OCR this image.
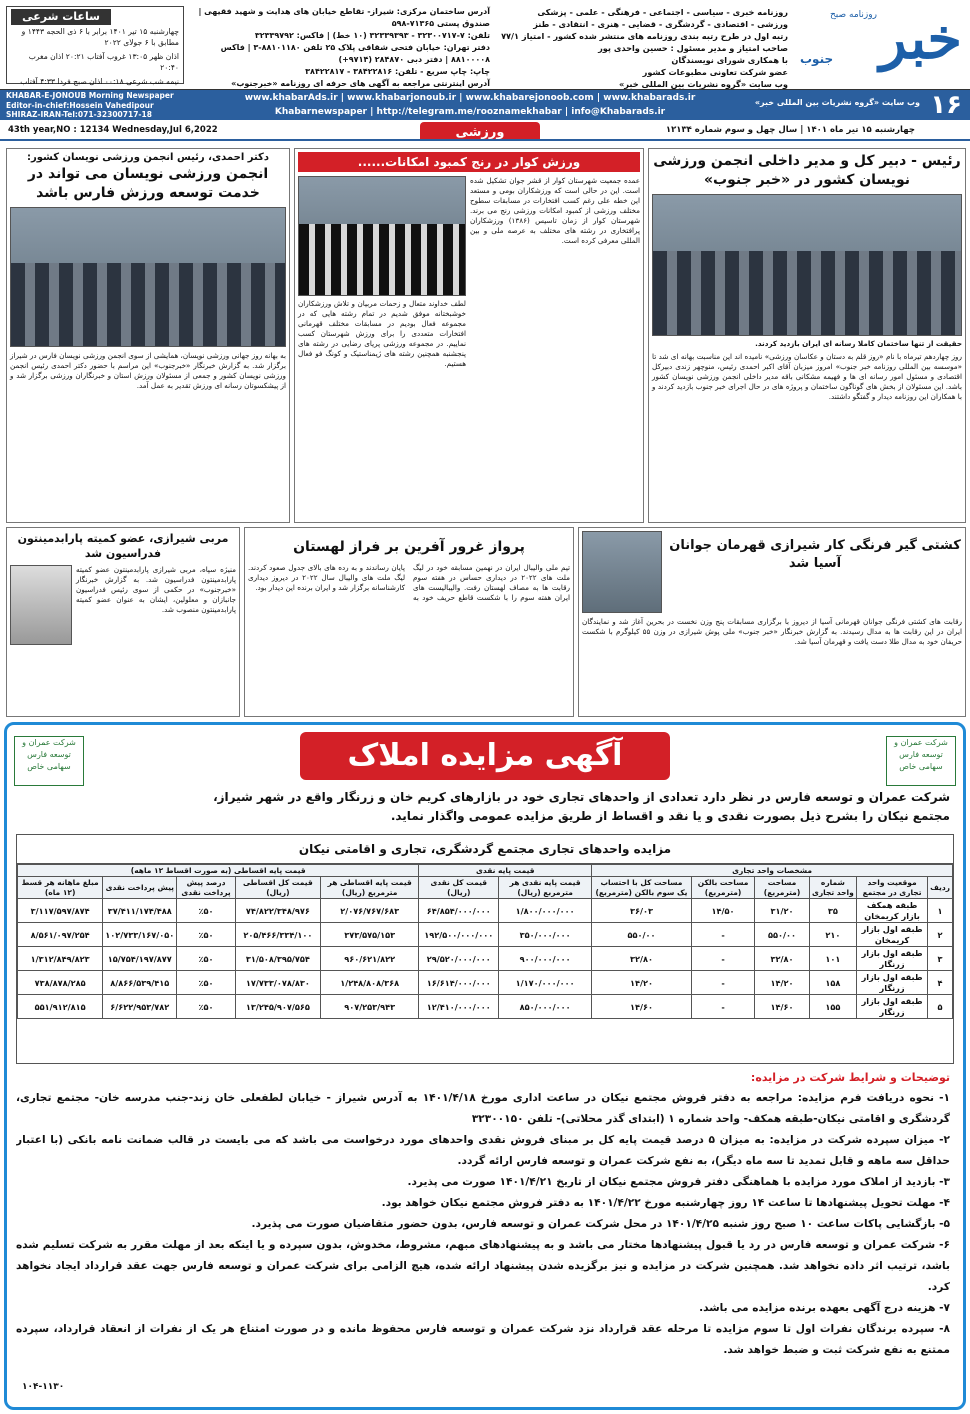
خبر
جنوب
روزنامه صبح
روزنامه خبری - سیاسی - اجتماعی - فرهنگی - علمی - پزشکی
ورزشی - اقتصادی - گردشگری - قضایی - هنری - انتقادی - طنز
رتبه اول در طرح رتبه بندی روزنامه های منتشر شده کشور - امتیاز ۷۷/۱
صاحب امتیاز و مدیر مسئول : حسین واحدی پور
با همکاری شورای نویسندگان
عضو شرکت تعاونی مطبوعات کشور
وب سایت «گروه نشریات بین المللی خبر»
آدرس ساختمان مرکزی: شیراز- تقاطع خیابان های هدایت و شهید فقیهی | صندوق پستی ۷۱۳۶۵-۵۹۸
تلفن: ۷-۳۲۳۰۰۷۱۷ - ۳۲۳۳۹۳۹۳ (۱۰ خط) | فاکس: ۳۲۳۳۹۷۹۲
دفتر تهران: خیابان فتحی شقاقی پلاک ۲۵ تلفن ۸۸۱۰۱۱۸۰-۳ | فاکس ۸۸۱۰۰۰۰۸ | دفتر دبی ۲۸۴۸۷۰ (۹۷۱۴+)
چاپ: چاپ سریع - تلفن: ۳۸۴۲۲۸۱۶ - ۳۸۴۲۲۸۱۷
آدرس اینترنتی مراجعه به آگهی های حرفه ای روزنامه «خبرجنوب»
ساعات شرعی
چهارشنبه ۱۵ تیر ۱۴۰۱ برابر با ۶ ذی الحجه ۱۴۴۳ و مطابق با ۶ جولای ۲۰۲۲
اذان ظهر ۱۳:۰۵ غروب آفتاب ۲۰:۲۱ اذان مغرب ۲۰:۴۰
نیمه شب شرعی ۰۰:۱۸ اذان صبح فردا ۴:۳۳ آفتاب
۱۶
وب سایت «گروه نشریات بین المللی خبر»
www.khabarAds.ir | www.khabarjonoub.ir | www.khabarejonoob.com | www.khabarads.ir
Khabarnewspaper | http://telegram.me/rooznamekhabar | info@Khabarads.ir
KHABAR-E-JONOUB Morning Newspaper
Editor-in-chief:Hossein Vahedipour
SHIRAZ-IRAN-Tel:071-32300717-18
چهارشنبه ۱۵ تیر ماه ۱۴۰۱ | سال چهل و سوم شماره ۱۲۱۳۴
ورزشی
43th year,NO : 12134 Wednesday,Jul 6,2022
رئیس - دبیر کل و مدیر داخلی انجمن ورزشی نویسان کشور در «خبر جنوب»
حقیقت از تنها ساختمان کاملا رسانه ای ایران بازدید کردند.
روز چهاردهم تیرماه با نام «روز قلم به دستان و عکاسان ورزشی» نامیده اند این مناسبت بهانه ای شد تا «موسسه بین المللی روزنامه خبر جنوب» امروز میزبان آقای اکبر احمدی رئیس، منوچهر زندی دبیرکل اقتصادی و مسئول امور رسانه ای ها و فهیمه مشکانی باقه مدیر داخلی انجمن ورزشی نویسان کشور باشد. این مسئولان از بخش های گوناگون ساختمان و پروژه های در حال اجرای خبر جنوب بازدید کردند و با همکاران این روزنامه دیدار و گفتگو داشتند.
ورزش کوار در رنج کمبود امکانات......
عمده جمعیت شهرستان کوار از قشر جوان تشکیل شده است. این در حالی است که ورزشکاران بومی و مستعد این خطه علی رغم کسب افتخارات در مسابقات سطوح مختلف ورزشی از کمبود امکانات ورزشی رنج می برند. شهرستان کوار از زمان تاسیس (۱۳۸۶) ورزشکاران پرافتخاری در رشته های مختلف به عرصه ملی و بین المللی معرفی کرده است.
لطف خداوند متعال و زحمات مربیان و تلاش ورزشکاران خوشبختانه موفق شدیم در تمام رشته هایی که در مجموعه فعال بودیم در مسابقات مختلف قهرمانی افتخارات متعددی را برای ورزش شهرستان کسب نماییم. در مجموعه ورزشی پریای رضایی در رشته های پنجشنبه همچنین رشته های ژیمناستیک و کونگ فو فعال هستیم.
دکتر احمدی، رئیس انجمن ورزشی نویسان کشور:
انجمن ورزشی نویسان می تواند در خدمت توسعه ورزش فارس باشد
به بهانه روز جهانی ورزشی نویسان، همایشی از سوی انجمن ورزشی نویسان فارس در شیراز برگزار شد. به گزارش خبرنگار «خبرجنوب» این مراسم با حضور دکتر احمدی رئیس انجمن ورزشی نویسان کشور و جمعی از مسئولان ورزش استان و خبرنگاران ورزشی برگزار شد و از پیشکسوتان رسانه ای ورزش تقدیر به عمل آمد.
کشتی گیر فرنگی کار شیرازی قهرمان جوانان آسیا شد
رقابت های کشتی فرنگی جوانان قهرمانی آسیا از دیروز با برگزاری مسابقات پنج وزن نخست در بحرین آغاز شد و نمایندگان ایران در این رقابت ها به مدال رسیدند. به گزارش خبرنگار «خبر جنوب» ملی پوش شیرازی در وزن ۵۵ کیلوگرم با شکست حریفان خود به مدال طلا دست یافت و قهرمان آسیا شد.
پرواز غرور آفرین بر فراز لهستان
تیم ملی والیبال ایران در نهمین مسابقه خود در لیگ ملت های ۲۰۲۲ در دیداری حساس در هفته سوم رقابت ها به مصاف لهستان رفت. والیبالیست های ایران هفته سوم را با شکست قاطع حریف خود به پایان رساندند و به رده های بالای جدول صعود کردند. لیگ ملت های والیبال سال ۲۰۲۲ در دیروز دیداری کارشناسانه برگزار شد و ایران برنده این دیدار بود.
مربی شیرازی، عضو کمیته پارابدمینتون فدراسیون شد
منیژه سپاه، مربی شیرازی پارابدمینتون عضو کمیته پارابدمینتون فدراسیون شد. به گزارش خبرنگار «خبرجنوب» در حکمی از سوی رئیس فدراسیون جانبازان و معلولین، ایشان به عنوان عضو کمیته پارابدمینتون منصوب شد.
آگهی مزایده املاک	شرکت عمران و توسعه فارس
سهامی خاص
شرکت عمران و توسعه فارس
سهامی خاص
شرکت عمران و توسعه فارس در نظر دارد تعدادی از واحدهای تجاری خود در بازارهای کریم خان و زرنگار واقع در شهر شیراز،
مجتمع نیکان را بشرح ذیل بصورت نقدی و یا نقد و اقساط از طریق مزایده عمومی واگذار نماید.
مزایده واحدهای تجاری مجتمع گردشگری، تجاری و اقامتی نیکان
مشخصات واحد تجاری						قیمت پایه نقدی		قیمت پایه اقساطی (به صورت اقساط ۱۲ ماهه)				
ردیف	موقعیت واحد تجاری در مجتمع	شماره واحد تجاری	مساحت (مترمربع)	مساحت بالکن (مترمربع)	مساحت کل با احتساب یک سوم بالکن (مترمربع)	قیمت پایه نقدی هر مترمربع (ریال)	قیمت کل نقدی (ریال)	قیمت پایه اقساطی هر مترمربع (ریال)	قیمت کل اقساطی (ریال)	درصد پیش پرداخت نقدی	پیش پرداخت نقدی	مبلغ ماهانه هر قسط (۱۲ ماه)
۱	طبقه همکف بازار کریمخان	۳۵	۳۱/۲۰	۱۴/۵۰	۳۶/۰۳	۱/۸۰۰/۰۰۰/۰۰۰	۶۴/۸۵۴/۰۰۰/۰۰۰	۲/۰۷۶/۷۶۷/۶۸۳	۷۴/۸۲۲/۳۴۸/۹۷۶	٪۵۰	۳۷/۴۱۱/۱۷۴/۴۸۸	۳/۱۱۷/۵۹۷/۸۷۴
۲	طبقه اول بازار کریمخان	۲۱۰	۵۵۰/۰۰	-	۵۵۰/۰۰	۳۵۰/۰۰۰/۰۰۰	۱۹۲/۵۰۰/۰۰۰/۰۰۰	۳۷۳/۵۷۵/۱۵۳	۲۰۵/۴۶۶/۳۳۴/۱۰۰	٪۵۰	۱۰۲/۷۳۳/۱۶۷/۰۵۰	۸/۵۶۱/۰۹۷/۲۵۴
۳	طبقه اول بازار زرنگار	۱۰۱	۳۲/۸۰	-	۳۲/۸۰	۹۰۰/۰۰۰/۰۰۰	۲۹/۵۲۰/۰۰۰/۰۰۰	۹۶۰/۶۲۱/۸۲۲	۳۱/۵۰۸/۳۹۵/۷۵۴	٪۵۰	۱۵/۷۵۴/۱۹۷/۸۷۷	۱/۳۱۲/۸۴۹/۸۲۳
۴	طبقه اول بازار زرنگار	۱۵۸	۱۴/۲۰	-	۱۴/۲۰	۱/۱۷۰/۰۰۰/۰۰۰	۱۶/۶۱۴/۰۰۰/۰۰۰	۱/۲۴۸/۸۰۸/۳۶۸	۱۷/۷۳۳/۰۷۸/۸۳۰	٪۵۰	۸/۸۶۶/۵۳۹/۴۱۵	۷۳۸/۸۷۸/۲۸۵
۵	طبقه اول بازار زرنگار	۱۵۵	۱۴/۶۰	-	۱۴/۶۰	۸۵۰/۰۰۰/۰۰۰	۱۲/۴۱۰/۰۰۰/۰۰۰	۹۰۷/۲۵۳/۹۴۳	۱۳/۲۴۵/۹۰۷/۵۶۵	٪۵۰	۶/۶۲۲/۹۵۳/۷۸۲	۵۵۱/۹۱۲/۸۱۵
توضیحات و شرایط شرکت در مزایده:
۱- نحوه دریافت فرم مزایده: مراجعه به دفتر فروش مجتمع نیکان در ساعت اداری مورخ ۱۴۰۱/۴/۱۸ به آدرس شیراز - خیابان لطفعلی خان زند-جنب مدرسه خان- مجتمع تجاری، گردشگری و اقامتی نیکان-طبقه همکف- واحد شماره ۱ (ابتدای گذر محلاتی)- تلفن ۳۲۳۰۰۱۵۰
۲- میزان سپرده شرکت در مزایده: به میزان ۵ درصد قیمت پایه کل بر مبنای فروش نقدی واحدهای مورد درخواست می باشد که می بایست در قالب ضمانت نامه بانکی (با اعتبار حداقل سه ماهه و قابل تمدید تا سه ماه دیگر)، به نفع شرکت عمران و توسعه فارس ارائه گردد.
۳- بازدید از املاک مورد مزایده با هماهنگی دفتر فروش مجتمع نیکان از تاریخ ۱۴۰۱/۴/۲۱ صورت می پذیرد.
۴- مهلت تحویل پیشنهادها تا ساعت ۱۴ روز چهارشنبه مورخ ۱۴۰۱/۴/۲۲ به دفتر فروش مجتمع نیکان خواهد بود.
۵- بازگشایی پاکات ساعت ۱۰ صبح روز شنبه ۱۴۰۱/۴/۲۵ در محل شرکت عمران و توسعه فارس، بدون حضور متقاضیان صورت می پذیرد.
۶- شرکت عمران و توسعه فارس در رد یا قبول پیشنهادها مختار می باشد و به پیشنهادهای مبهم، مشروط، مخدوش، بدون سپرده و یا اینکه بعد از مهلت مقرر به شرکت تسلیم شده باشد، ترتیب اثر داده نخواهد شد. همچنین شرکت در مزایده و نیز برگزیده شدن پیشنهاد ارائه شده، هیچ الزامی برای شرکت عمران و توسعه فارس جهت عقد قرارداد ایجاد نخواهد کرد.
۷- هزینه درج آگهی بعهده برنده مزایده می باشد.
۸- سپرده برندگان نفرات اول تا سوم مزایده تا مرحله عقد قرارداد نزد شرکت عمران و توسعه فارس محفوظ مانده و در صورت امتناع هر یک از نفرات از انعقاد قرارداد، سپرده ممتنع به نفع شرکت ثبت و ضبط خواهد شد.
۱۰۴-۱۱۳۰
